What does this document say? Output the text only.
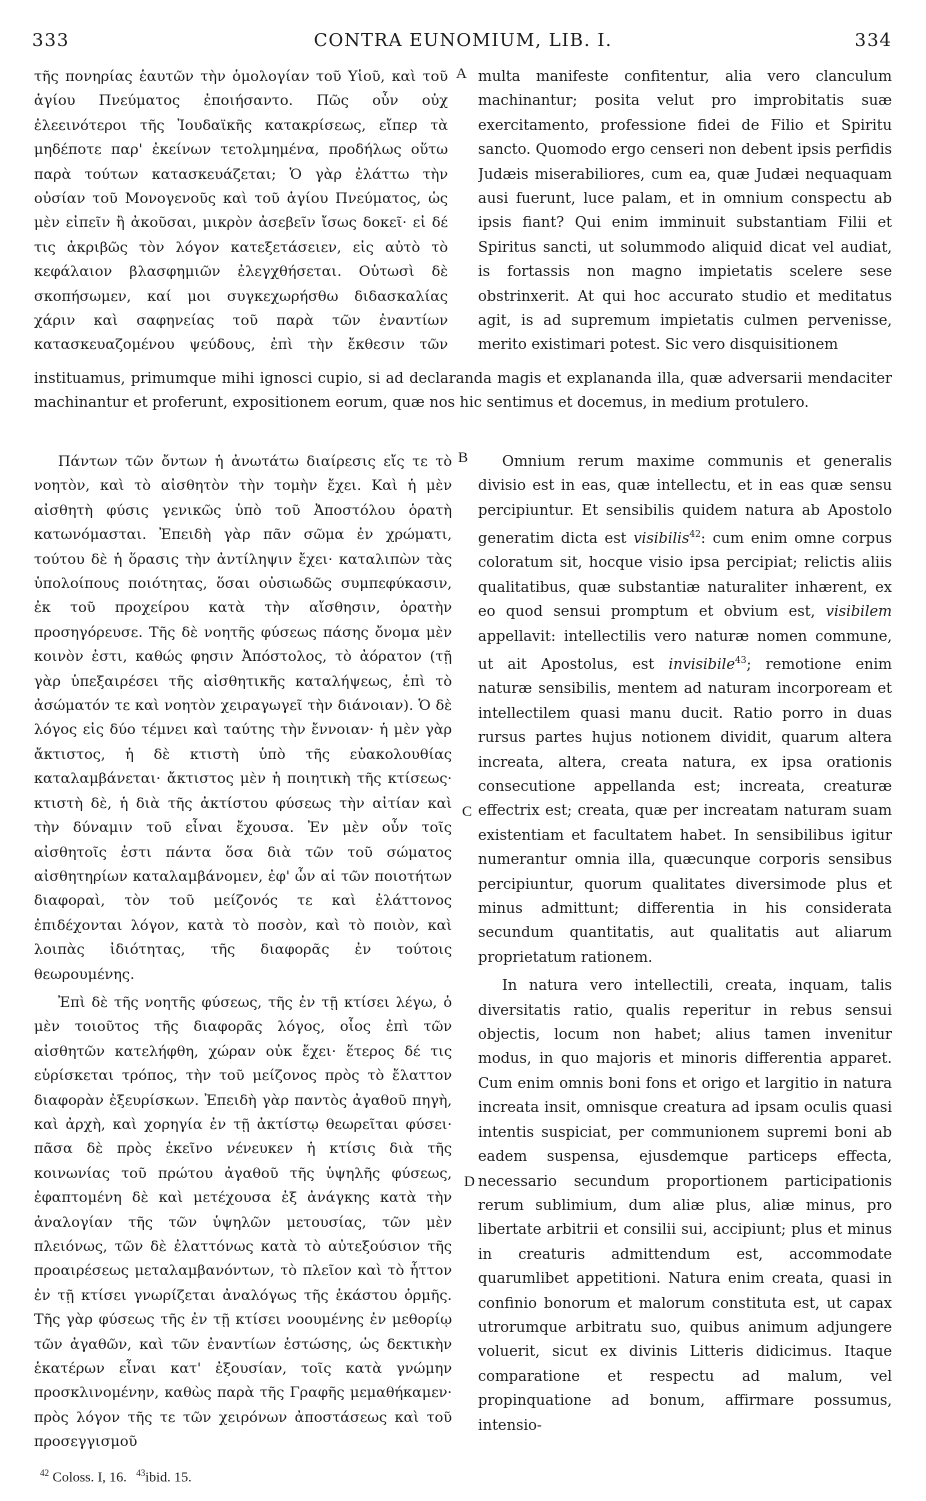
333	CONTRA EUNOMIUM, LIB. I.	334

τῆς πονηρίας ἑαυτῶν τὴν ὁμολογίαν τοῦ Υἱοῦ, καὶ τοῦ ἁγίου Πνεύματος ἐποιήσαντο. Πῶς οὖν οὐχ ἐλεεινότεροι τῆς Ἰουδαϊκῆς κατακρίσεως, εἴπερ τὰ μηδέποτε παρ' ἐκείνων τετολμημένα, προδήλως οὕτω παρὰ τούτων κατασκευάζεται; Ὁ γὰρ ἐλάττω τὴν οὐσίαν τοῦ Μονογενοῦς καὶ τοῦ ἁγίου Πνεύματος, ὡς μὲν εἰπεῖν ἢ ἀκοῦσαι, μικρὸν ἀσεβεῖν ἴσως δοκεῖ· εἰ δέ τις ἀκριβῶς τὸν λόγον κατεξετάσειεν, εἰς αὐτὸ τὸ κεφάλαιον βλασφημιῶν ἐλεγχθήσεται. Οὑτωσὶ δὲ σκοπήσωμεν, καί μοι συγκεχωρήσθω διδασκαλίας χάριν καὶ σαφηνείας τοῦ παρὰ τῶν ἐναντίων κατασκευαζομένου ψεύδους, ἐπὶ τὴν ἔκθεσιν τῶν

multa manifeste confitentur, alia vero clanculum machinantur; posita velut pro improbitatis suæ exercitamento, professione fidei de Filio et Spiritu sancto. Quomodo ergo censeri non debent ipsis perfidis Judæis miserabiliores, cum ea, quæ Judæi nequaquam ausi fuerunt, luce palam, et in omnium conspectu ab ipsis fiant? Qui enim imminuit substantiam Filii et Spiritus sancti, ut solummodo aliquid dicat vel audiat, is fortassis non magno impietatis scelere sese obstrinxerit. At qui hoc accurato studio et meditatus agit, is ad supremum impietatis culmen pervenisse, merito existimari potest. Sic vero disquisitionem

instituamus, primumque mihi ignosci cupio, si ad declaranda magis et explananda illa, quæ adversarii mendaciter machinantur et proferunt, expositionem eorum, quæ nos hic sentimus et docemus, in medium protulero.

A
B
C
D

Πάντων τῶν ὄντων ἡ ἀνωτάτω διαίρεσις εἴς τε τὸ νοητὸν, καὶ τὸ αἰσθητὸν τὴν τομὴν ἔχει. Καὶ ἡ μὲν αἰσθητὴ φύσις γενικῶς ὑπὸ τοῦ Ἀποστόλου ὁρατὴ κατωνόμασται. Ἐπειδὴ γὰρ πᾶν σῶμα ἐν χρώματι, τούτου δὲ ἡ ὅρασις τὴν ἀντίληψιν ἔχει· καταλιπὼν τὰς ὑπολοίπους ποιότητας, ὅσαι οὐσιωδῶς συμπεφύκασιν, ἐκ τοῦ προχείρου κατὰ τὴν αἴσθησιν, ὁρατὴν προσηγόρευσε. Τῆς δὲ νοητῆς φύσεως πάσης ὄνομα μὲν κοινὸν ἐστι, καθώς φησιν Ἀπόστολος, τὸ ἀόρατον (τῇ γὰρ ὑπεξαιρέσει τῆς αἰσθητικῆς καταλήψεως, ἐπὶ τὸ ἀσώματόν τε καὶ νοητὸν χειραγωγεῖ τὴν διάνοιαν). Ὁ δὲ λόγος εἰς δύο τέμνει καὶ ταύτης τὴν ἔννοιαν· ἡ μὲν γὰρ ἄκτιστος, ἡ δὲ κτιστὴ ὑπὸ τῆς εὐακολουθίας καταλαμβάνεται· ἄκτιστος μὲν ἡ ποιητικὴ τῆς κτίσεως· κτιστὴ δὲ, ἡ διὰ τῆς ἀκτίστου φύσεως τὴν αἰτίαν καὶ τὴν δύναμιν τοῦ εἶναι ἔχουσα. Ἐν μὲν οὖν τοῖς αἰσθητοῖς ἐστι πάντα ὅσα διὰ τῶν τοῦ σώματος αἰσθητηρίων καταλαμβάνομεν, ἐφ' ὧν αἱ τῶν ποιοτήτων διαφοραὶ, τὸν τοῦ μείζονός τε καὶ ἐλάττονος ἐπιδέχονται λόγον, κατὰ τὸ ποσὸν, καὶ τὸ ποιὸν, καὶ λοιπὰς ἰδιότητας, τῆς διαφορᾶς ἐν τούτοις θεωρουμένης.

Ἐπὶ δὲ τῆς νοητῆς φύσεως, τῆς ἐν τῇ κτίσει λέγω, ὁ μὲν τοιοῦτος τῆς διαφορᾶς λόγος, οἷος ἐπὶ τῶν αἰσθητῶν κατελήφθη, χώραν οὐκ ἔχει· ἕτερος δέ τις εὑρίσκεται τρόπος, τὴν τοῦ μείζονος πρὸς τὸ ἔλαττον διαφορὰν ἐξευρίσκων. Ἐπειδὴ γὰρ παντὸς ἀγαθοῦ πηγὴ, καὶ ἀρχὴ, καὶ χορηγία ἐν τῇ ἀκτίστῳ θεωρεῖται φύσει· πᾶσα δὲ πρὸς ἐκεῖνο νένευκεν ἡ κτίσις διὰ τῆς κοινωνίας τοῦ πρώτου ἀγαθοῦ τῆς ὑψηλῆς φύσεως, ἐφαπτομένη δὲ καὶ μετέχουσα ἐξ ἀνάγκης κατὰ τὴν ἀναλογίαν τῆς τῶν ὑψηλῶν μετουσίας, τῶν μὲν πλειόνως, τῶν δὲ ἐλαττόνως κατὰ τὸ αὐτεξούσιον τῆς προαιρέσεως μεταλαμβανόντων, τὸ πλεῖον καὶ τὸ ἧττον ἐν τῇ κτίσει γνωρίζεται ἀναλόγως τῆς ἑκάστου ὁρμῆς. Τῆς γὰρ φύσεως τῆς ἐν τῇ κτίσει νοουμένης ἐν μεθορίῳ τῶν ἀγαθῶν, καὶ τῶν ἐναντίων ἑστώσης, ὡς δεκτικὴν ἑκατέρων εἶναι κατ' ἐξουσίαν, τοῖς κατὰ γνώμην προσκλινομένην, καθὼς παρὰ τῆς Γραφῆς μεμαθήκαμεν· πρὸς λόγον τῆς τε τῶν χειρόνων ἀποστάσεως καὶ τοῦ προσεγγισμοῦ

Omnium rerum maxime communis et generalis divisio est in eas, quæ intellectu, et in eas quæ sensu percipiuntur. Et sensibilis quidem natura ab Apostolo generatim dicta est visibilis$^{42}$: cum enim omne corpus coloratum sit, hocque visio ipsa percipiat; relictis aliis qualitatibus, quæ substantiæ naturaliter inhærent, ex eo quod sensui promptum et obvium est, visibilem appellavit: intellectilis vero naturæ nomen commune, ut ait Apostolus, est invisibile$^{43}$; remotione enim naturæ sensibilis, mentem ad naturam incorpoream et intellectilem quasi manu ducit. Ratio porro in duas rursus partes hujus notionem dividit, quarum altera increata, altera, creata natura, ex ipsa orationis consecutione appellanda est; increata, creaturæ effectrix est; creata, quæ per increatam naturam suam existentiam et facultatem habet. In sensibilibus igitur numerantur omnia illa, quæcunque corporis sensibus percipiuntur, quorum qualitates diversimode plus et minus admittunt; differentia in his considerata secundum quantitatis, aut qualitatis aut aliarum proprietatum rationem.

In natura vero intellectili, creata, inquam, talis diversitatis ratio, qualis reperitur in rebus sensui objectis, locum non habet; alius tamen invenitur modus, in quo majoris et minoris differentia apparet. Cum enim omnis boni fons et origo et largitio in natura increata insit, omnisque creatura ad ipsam oculis quasi intentis suspiciat, per communionem supremi boni ab eadem suspensa, ejusdemque particeps effecta, necessario secundum proportionem participationis rerum sublimium, dum aliæ plus, aliæ minus, pro libertate arbitrii et consilii sui, accipiunt; plus et minus in creaturis admittendum est, accommodate quarumlibet appetitioni. Natura enim creata, quasi in confinio bonorum et malorum constituta est, ut capax utrorumque arbitratu suo, quibus animum adjungere voluerit, sicut ex divinis Litteris didicimus. Itaque comparatione et respectu ad malum, vel propinquatione ad bonum, affirmare possumus, intensio-

$^{42}$ Coloss. I, 16. $^{43}$ibid. 15.
